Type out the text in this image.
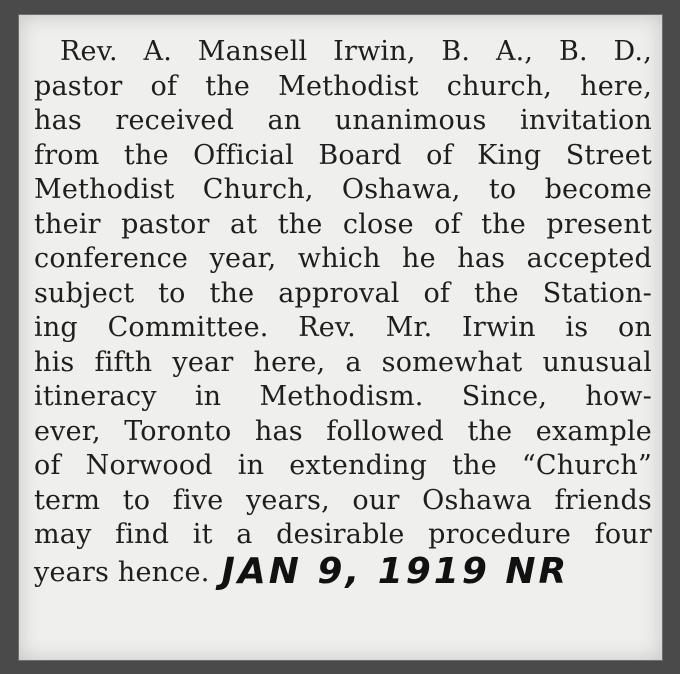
Rev. A. Mansell Irwin, B. A., B. D.,
pastor of the Methodist church, here,
has received an unanimous invitation
from the Official Board of King Street
Methodist Church, Oshawa, to become
their pastor at the close of the present
conference year, which he has accepted
subject to the approval of the Station-
ing Committee. Rev. Mr. Irwin is on
his fifth year here, a somewhat unusual
itineracy in Methodism. Since, how-
ever, Toronto has followed the example
of Norwood in extending the “Church”
term to five years, our Oshawa friends
may find it a desirable procedure four
years hence. JAN 9, 1919 NR
